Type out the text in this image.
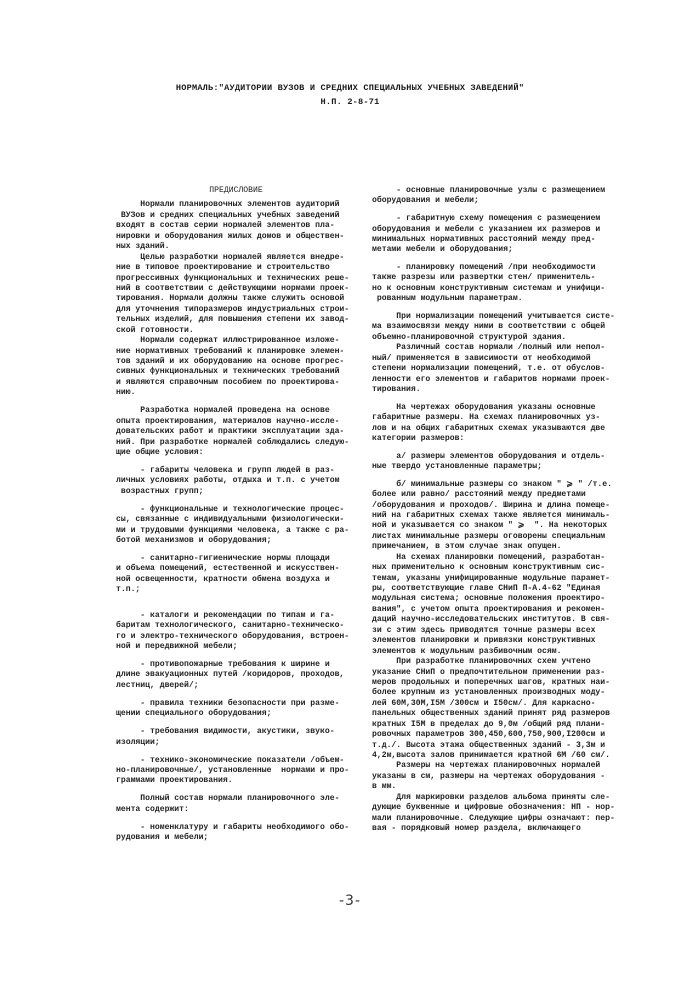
НОРМАЛЬ:"АУДИТОРИИ ВУЗОВ И СРЕДНИХ СПЕЦИАЛЬНЫХ УЧЕБНЫХ ЗАВЕДЕНИЙ"
Н.П. 2-8-71
ПРЕДИСЛОВИЕ
Нормали планировочных элементов аудиторий
ВУЗов и средних специальных учебных заведений
входят в состав серии нормалей элементов пла-
нировки и оборудования жилых домов и обществен-
ных зданий.
Целью разработки нормалей является внедре-
ние в типовое проектирование и строительство
прогрессивных функциональных и технических реше-
ний в соответствии с действующими нормами проек-
тирования. Нормали должны также служить основой
для уточнения типоразмеров индустриальных строи-
тельных изделий, для повышения степени их завод-
ской готовности.
Нормали содержат иллюстрированное изложе-
ние нормативных требований к планировке элемен-
тов зданий и их оборудованию на основе прогрес-
сивных функциональных и технических требований
и являются справочным пособием по проектирова-
нию.
Разработка нормалей проведена на основе
опыта проектирования, материалов научно-иссле-
довательских работ и практики эксплуатации зда-
ний. При разработке нормалей соблюдались следую-
щие общие условия:
- габариты человека и групп людей в раз-
личных условиях работы, отдыха и т.п. с учетом
возрастных групп;
- функциональные и технологические процес-
сы, связанные с индивидуальными физиологически-
ми и трудовыми функциями человека, а также с ра-
ботой механизмов и оборудования;
- санитарно-гигиенические нормы площади
и объема помещений, естественной и искусствен-
ной освещенности, кратности обмена воздуха и
т.п.;
- каталоги и рекомендации по типам и га-
баритам технологического, санитарно-техническо-
го и электро-технического оборудования, встроен-
ной и передвижной мебели;
- противопожарные требования к ширине и
длине эвакуационных путей /коридоров, проходов,
лестниц, дверей/;
- правила техники безопасности при разме-
щении специального оборудования;
- требования видимости, акустики, звуко-
изоляции;
- технико-экономические показатели /объем-
но-планировочные/, установленные  нормами и про-
граммами проектирования.
Полный состав нормали планировочного эле-
мента содержит:
- номенклатуру и габариты необходимого обо-
рудования и мебели;
- основные планировочные узлы с размещением
оборудования и мебели;
- габаритную схему помещения с размещением
оборудования и мебели с указанием их размеров и
минимальных нормативных расстояний между пред-
метами мебели и оборудования;
- планировку помещений /при необходимости
также разрезы или развертки стен/ применитель-
но к основным конструктивным системам и унифици-
рованным модульным параметрам.
При нормализации помещений учитывается систе-
ма взаимосвязи между ними в соответствии с общей
объемно-планировочной структурой здания.
Различный состав нормали /полный или непол-
ный/ применяется в зависимости от необходимой
степени нормализации помещений, т.е. от обуслов-
ленности его элементов и габаритов нормами проек-
тирования.
На чертежах оборудования указаны основные
габаритные размеры. На схемах планировочных уз-
лов и на общих габаритных схемах указываются две
категории размеров:
а/ размеры элементов оборудования и отдель-
ные твердо установленные параметры;
б/ минимальные размеры со знаком " ⩾ " /т.е.
более или равно/ расстояний между предметами
/оборудования и проходов/. Ширина и длина помеще-
ний на габаритных схемах также является минималь-
ной и указывается со знаком " ⩾  ". На некоторых
листах минимальные размеры оговорены специальным
примечанием, в этом случае знак опущен.
На схемах планировки помещений, разработан-
ных применительно к основным конструктивным сис-
темам, указаны унифицированные модульные парамет-
ры, соответствующие главе СНиП П-А.4-62 "Единая
модульная система; основные положения проектиро-
вания", с учетом опыта проектирования и рекомен-
даций научно-исследовательских институтов. В свя-
зи с этим здесь приводятся точные размеры всех
элементов планировки и привязки конструктивных
элементов к модульным разбивочным осям.
При разработке планировочных схем учтено
указание СНиП о предпочтительном применении раз-
меров продольных и поперечных шагов, кратных наи-
более крупным из установленных производных моду-
лей 60М,30М,I5М /300см и I50см/. Для каркасно-
панельных общественных зданий принят ряд размеров
кратных I5М в пределах до 9,0м /общий ряд плани-
ровочных параметров 300,450,600,750,900,I200см и
т.д./. Высота этажа общественных зданий - 3,3м и
4,2м,высота залов принимается кратной 6М /60 см/.
Размеры на чертежах планировочных нормалей
указаны в см, размеры на чертежах оборудования -
в мм.
Для маркировки разделов альбома приняты сле-
дующие буквенные и цифровые обозначения: НП - нор-
мали планировочные. Следующие цифры означают: пер-
вая - порядковый номер раздела, включающего
-3-
